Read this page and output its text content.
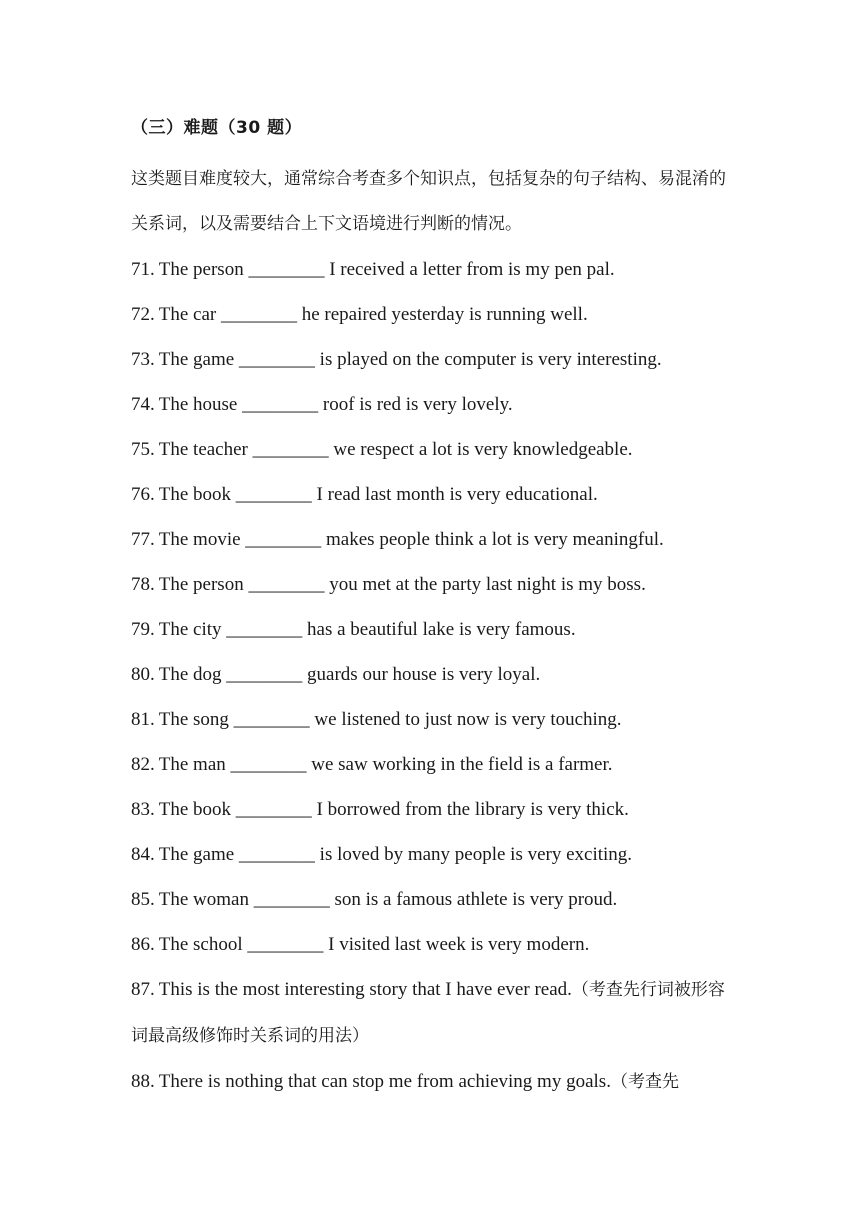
（三）难题（30 题）

这类题目难度较大，通常综合考查多个知识点，包括复杂的句子结构、易混淆的关系词，以及需要结合上下文语境进行判断的情况。

71. The person ________ I received a letter from is my pen pal.
72. The car ________ he repaired yesterday is running well.
73. The game ________ is played on the computer is very interesting.
74. The house ________ roof is red is very lovely.
75. The teacher ________ we respect a lot is very knowledgeable.
76. The book ________ I read last month is very educational.
77. The movie ________ makes people think a lot is very meaningful.
78. The person ________ you met at the party last night is my boss.
79. The city ________ has a beautiful lake is very famous.
80. The dog ________ guards our house is very loyal.
81. The song ________ we listened to just now is very touching.
82. The man ________ we saw working in the field is a farmer.
83. The book ________ I borrowed from the library is very thick.
84. The game ________ is loved by many people is very exciting.
85. The woman ________ son is a famous athlete is very proud.
86. The school ________ I visited last week is very modern.
87. This is the most interesting story that I have ever read.（考查先行词被形容词最高级修饰时关系词的用法）
88. There is nothing that can stop me from achieving my goals.（考查先
